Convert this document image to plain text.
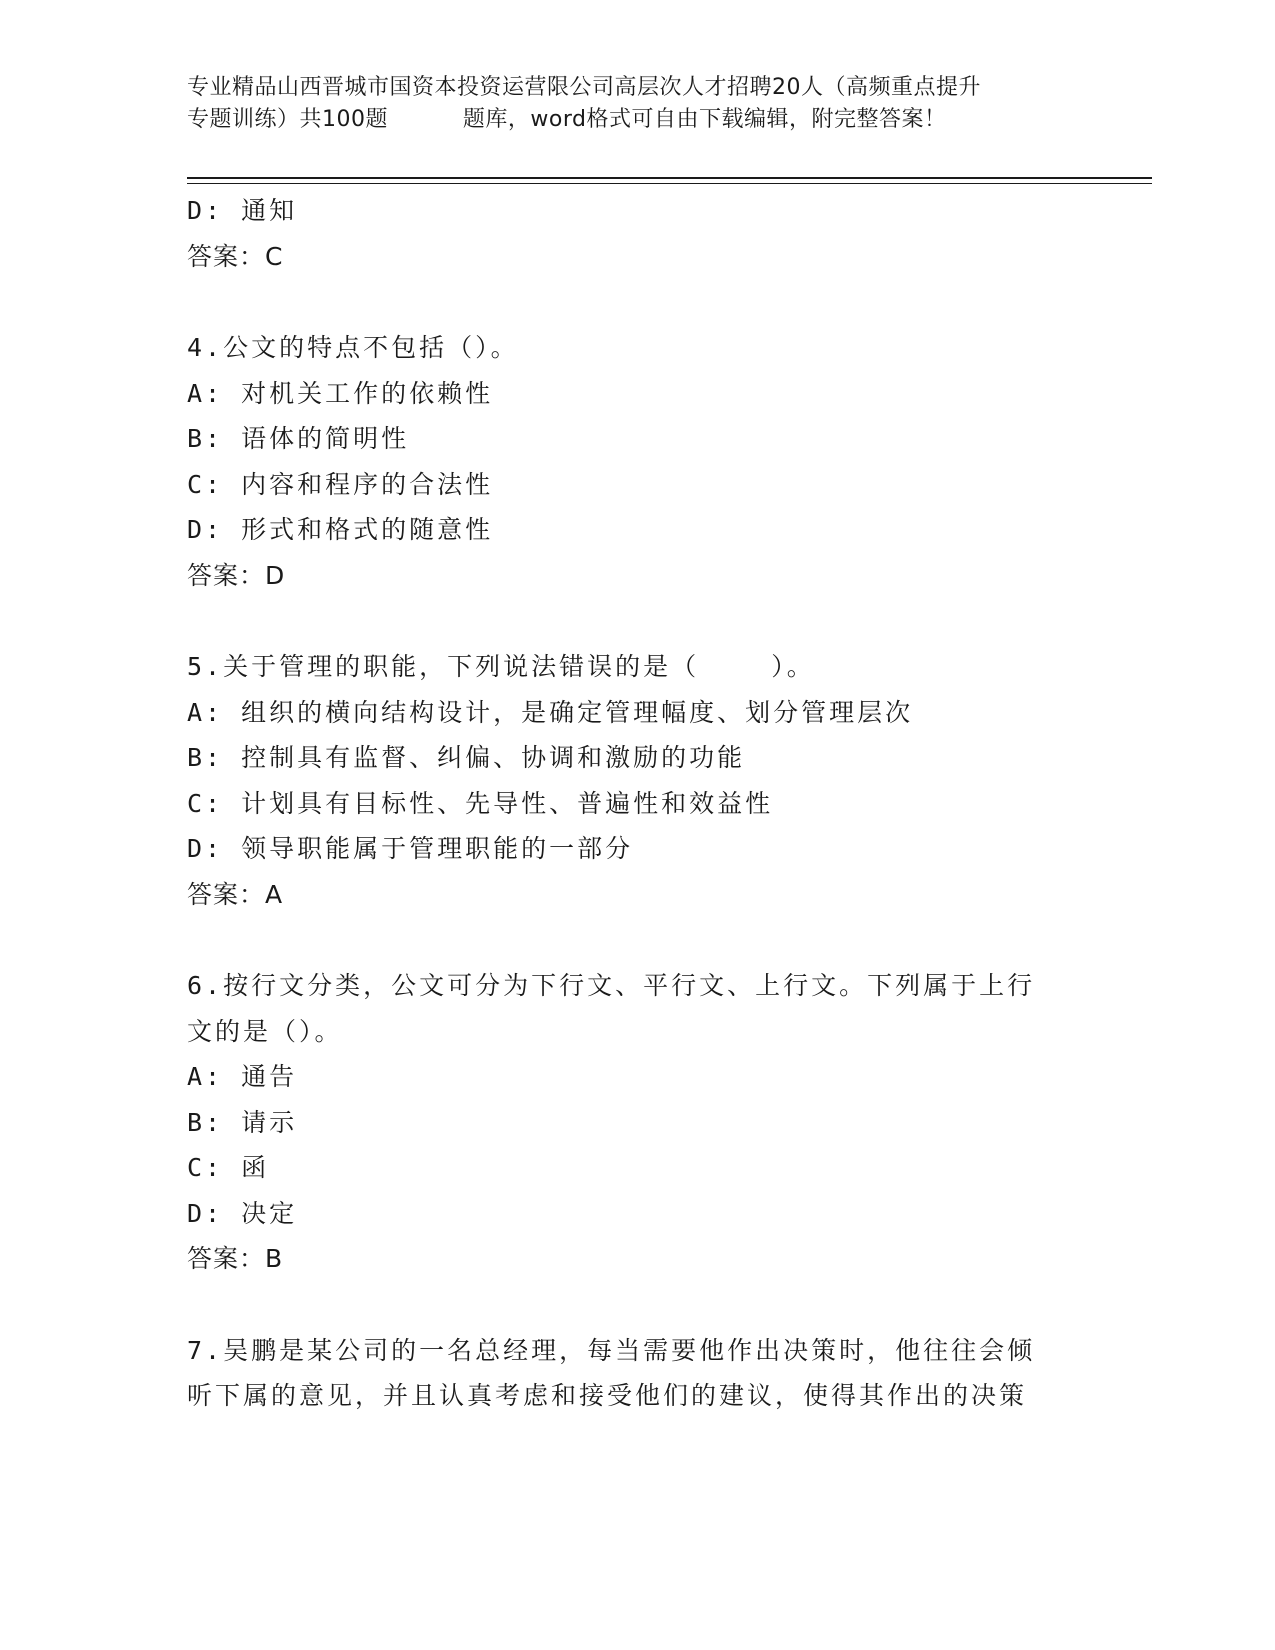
专业精品山西晋城市国资本投资运营限公司高层次人才招聘20人（高频重点提升
专题训练）共100题          题库，word格式可自由下载编辑，附完整答案！
D: 通知
答案：C
4.公文的特点不包括（）。
A: 对机关工作的依赖性
B: 语体的简明性
C: 内容和程序的合法性
D: 形式和格式的随意性
答案：D
5.关于管理的职能，下列说法错误的是（    ）。
A: 组织的横向结构设计，是确定管理幅度、划分管理层次
B: 控制具有监督、纠偏、协调和激励的功能
C: 计划具有目标性、先导性、普遍性和效益性
D: 领导职能属于管理职能的一部分
答案：A
6.按行文分类，公文可分为下行文、平行文、上行文。下列属于上行
文的是（）。
A: 通告
B: 请示
C: 函
D: 决定
答案：B
7.吴鹏是某公司的一名总经理，每当需要他作出决策时，他往往会倾
听下属的意见，并且认真考虑和接受他们的建议，使得其作出的决策
